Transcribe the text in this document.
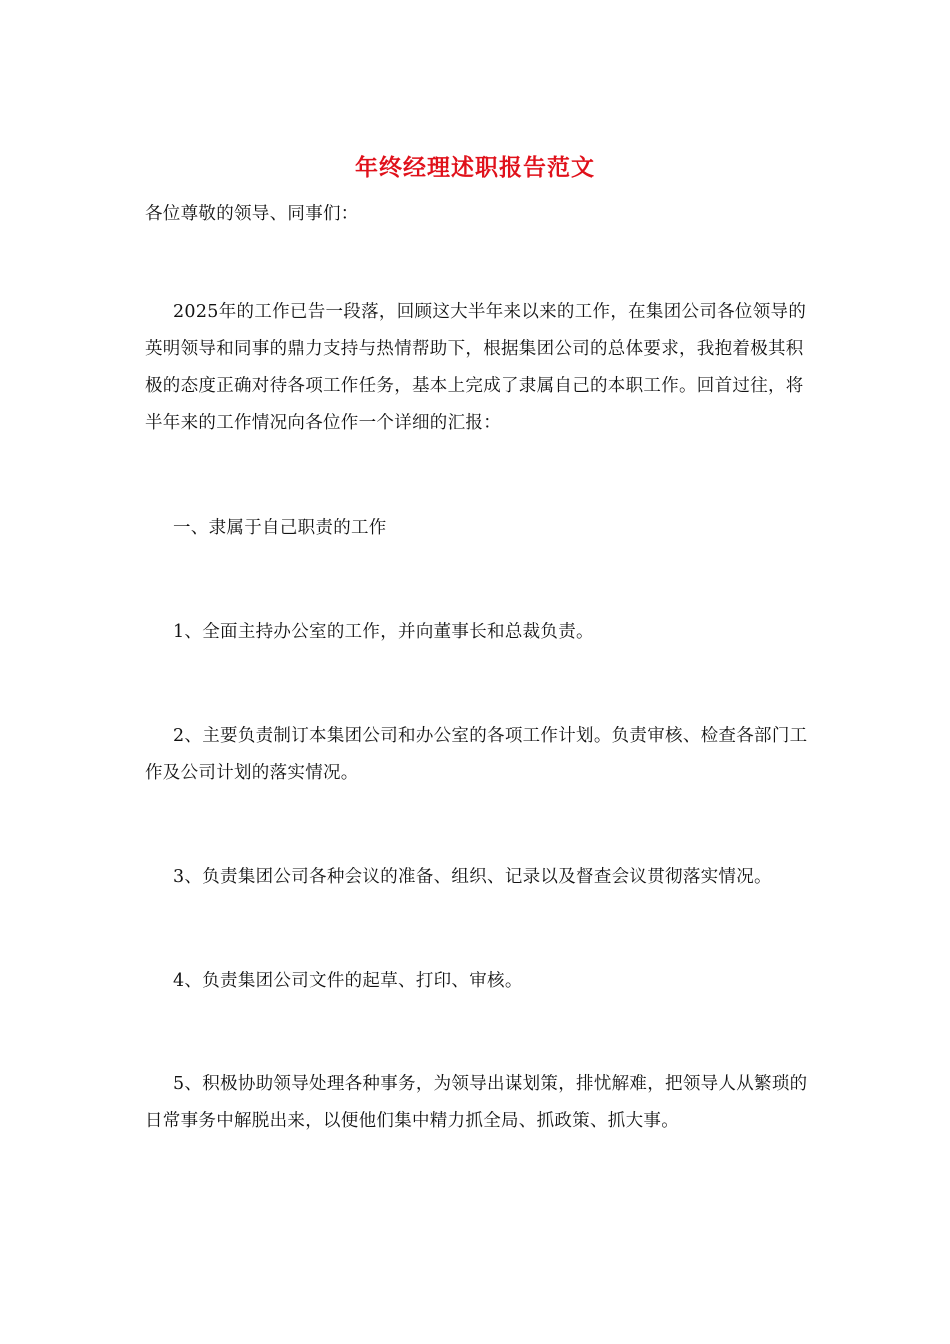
年终经理述职报告范文
各位尊敬的领导、同事们：
2025年的工作已告一段落，回顾这大半年来以来的工作，在集团公司各位领导的英明领导和同事的鼎力支持与热情帮助下，根据集团公司的总体要求，我抱着极其积极的态度正确对待各项工作任务，基本上完成了隶属自己的本职工作。回首过往，将半年来的工作情况向各位作一个详细的汇报：
一、隶属于自己职责的工作
1、全面主持办公室的工作，并向董事长和总裁负责。
2、主要负责制订本集团公司和办公室的各项工作计划。负责审核、检查各部门工作及公司计划的落实情况。
3、负责集团公司各种会议的准备、组织、记录以及督查会议贯彻落实情况。
4、负责集团公司文件的起草、打印、审核。
5、积极协助领导处理各种事务，为领导出谋划策，排忧解难，把领导人从繁琐的日常事务中解脱出来，以便他们集中精力抓全局、抓政策、抓大事。
